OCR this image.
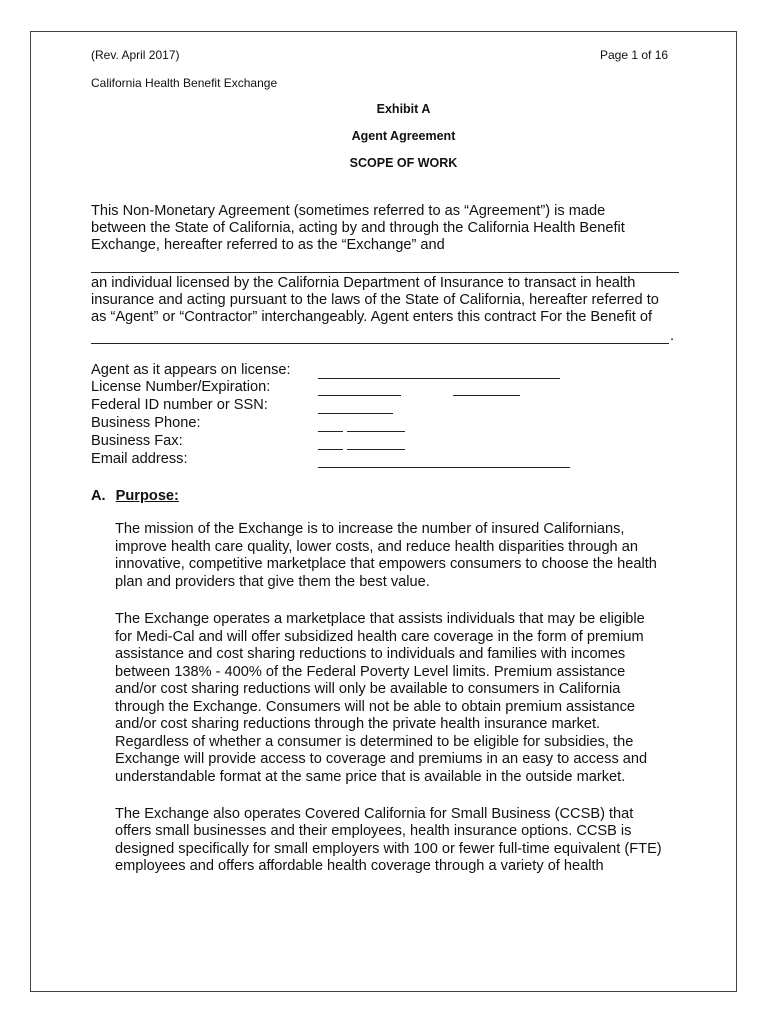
(Rev. April 2017)	Page 1 of 16
California Health Benefit Exchange
Exhibit A
Agent Agreement
SCOPE OF WORK
This Non-Monetary Agreement (sometimes referred to as “Agreement”) is made
between the State of California, acting by and through the California Health Benefit
Exchange, hereafter referred to as the “Exchange” and
an individual licensed by the California Department of Insurance to transact in health
insurance and acting pursuant to the laws of the State of California, hereafter referred to
as “Agent” or “Contractor” interchangeably. Agent enters this contract For the Benefit of
.
Agent as it appears on license:
License Number/Expiration:
Federal ID number or SSN:
Business Phone:
Business Fax:
Email address:
A. Purpose:
The mission of the Exchange is to increase the number of insured Californians,
improve health care quality, lower costs, and reduce health disparities through an
innovative, competitive marketplace that empowers consumers to choose the health
plan and providers that give them the best value.
The Exchange operates a marketplace that assists individuals that may be eligible
for Medi-Cal and will offer subsidized health care coverage in the form of premium
assistance and cost sharing reductions to individuals and families with incomes
between 138% - 400% of the Federal Poverty Level limits. Premium assistance
and/or cost sharing reductions will only be available to consumers in California
through the Exchange. Consumers will not be able to obtain premium assistance
and/or cost sharing reductions through the private health insurance market.
Regardless of whether a consumer is determined to be eligible for subsidies, the
Exchange will provide access to coverage and premiums in an easy to access and
understandable format at the same price that is available in the outside market.
The Exchange also operates Covered California for Small Business (CCSB) that
offers small businesses and their employees, health insurance options. CCSB is
designed specifically for small employers with 100 or fewer full-time equivalent (FTE)
employees and offers affordable health coverage through a variety of health
